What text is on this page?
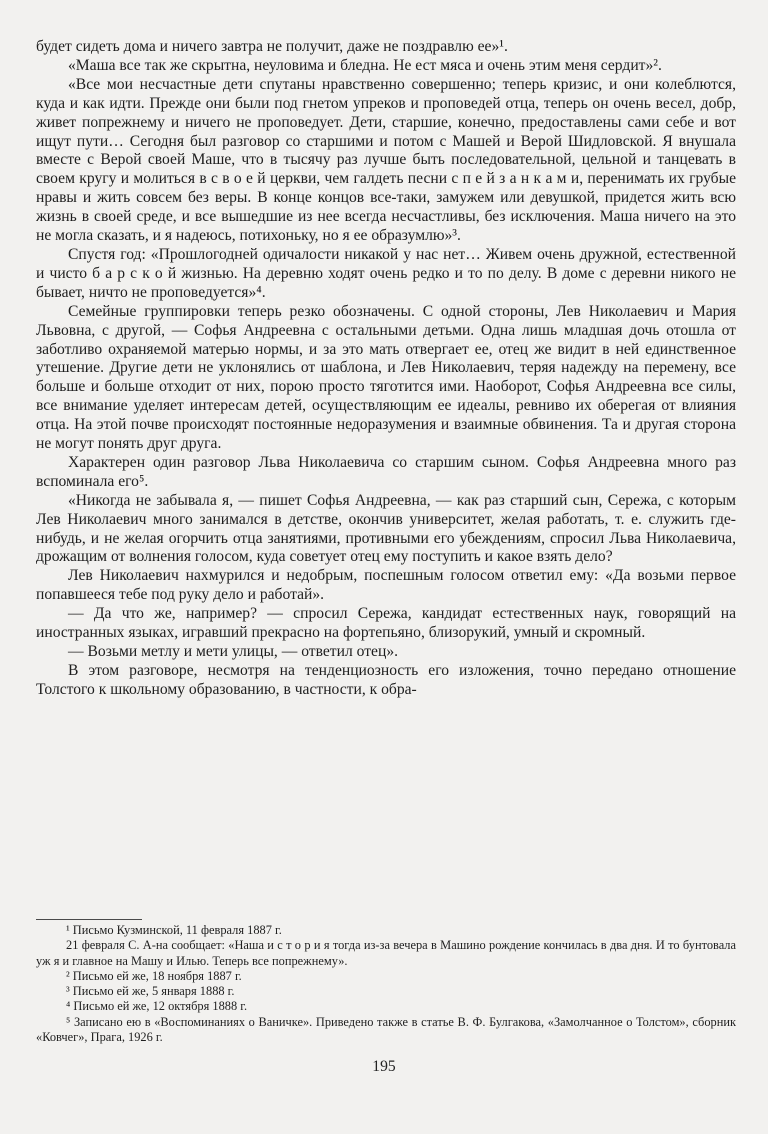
будет сидеть дома и ничего завтра не получит, даже не поздравлю ее»¹.

«Маша все так же скрытна, неуловима и бледна. Не ест мяса и очень этим меня сердит»².

«Все мои несчастные дети спутаны нравственно совершенно; теперь кризис, и они колеблются, куда и как идти. Прежде они были под гнетом упреков и проповедей отца, теперь он очень весел, добр, живет попрежнему и ничего не проповедует. Дети, старшие, конечно, предоставлены сами себе и вот ищут пути… Сегодня был разговор со старшими и потом с Машей и Верой Шидловской. Я внушала вместе с Верой своей Маше, что в тысячу раз лучше быть последовательной, цельной и танцевать в своем кругу и молиться в с в о е й церкви, чем галдеть песни с п е й з а н к а м и, перенимать их грубые нравы и жить совсем без веры. В конце концов все-таки, замужем или девушкой, придется жить всю жизнь в своей среде, и все вышедшие из нее всегда несчастливы, без исключения. Маша ничего на это не могла сказать, и я надеюсь, потихоньку, но я ее образумлю»³.

Спустя год: «Прошлогодней одичалости никакой у нас нет… Живем очень дружной, естественной и чисто б а р с к о й жизнью. На деревню ходят очень редко и то по делу. В доме с деревни никого не бывает, ничто не проповедуется»⁴.

Семейные группировки теперь резко обозначены. С одной стороны, Лев Николаевич и Мария Львовна, с другой, — Софья Андреевна с остальными детьми. Одна лишь младшая дочь отошла от заботливо охраняемой матерью нормы, и за это мать отвергает ее, отец же видит в ней единственное утешение. Другие дети не уклонялись от шаблона, и Лев Николаевич, теряя надежду на перемену, все больше и больше отходит от них, порою просто тяготится ими. Наоборот, Софья Андреевна все силы, все внимание уделяет интересам детей, осуществляющим ее идеалы, ревниво их оберегая от влияния отца. На этой почве происходят постоянные недоразумения и взаимные обвинения. Та и другая сторона не могут понять друг друга.

Характерен один разговор Льва Николаевича со старшим сыном. Софья Андреевна много раз вспоминала его⁵.

«Никогда не забывала я, — пишет Софья Андреевна, — как раз старший сын, Сережа, с которым Лев Николаевич много занимался в детстве, окончив университет, желая работать, т. е. служить где-нибудь, и не желая огорчить отца занятиями, противными его убеждениям, спросил Льва Николаевича, дрожащим от волнения голосом, куда советует отец ему поступить и какое взять дело?

Лев Николаевич нахмурился и недобрым, поспешным голосом ответил ему: «Да возьми первое попавшееся тебе под руку дело и работай».

— Да что же, например? — спросил Сережа, кандидат естественных наук, говорящий на иностранных языках, игравший прекрасно на фортепьяно, близорукий, умный и скромный.

— Возьми метлу и мети улицы, — ответил отец».

В этом разговоре, несмотря на тенденциозность его изложения, точно передано отношение Толстого к школьному образованию, в частности, к обра-

¹ Письмо Кузминской, 11 февраля 1887 г.

21 февраля С. А-на сообщает: «Наша и с т о р и я тогда из-за вечера в Машино рождение кончилась в два дня. И то бунтовала уж я и главное на Машу и Илью. Теперь все попрежнему».

² Письмо ей же, 18 ноября 1887 г.

³ Письмо ей же, 5 января 1888 г.

⁴ Письмо ей же, 12 октября 1888 г.

⁵ Записано ею в «Воспоминаниях о Ваничке». Приведено также в статье В. Ф. Булгакова, «Замолчанное о Толстом», сборник «Ковчег», Прага, 1926 г.

195
